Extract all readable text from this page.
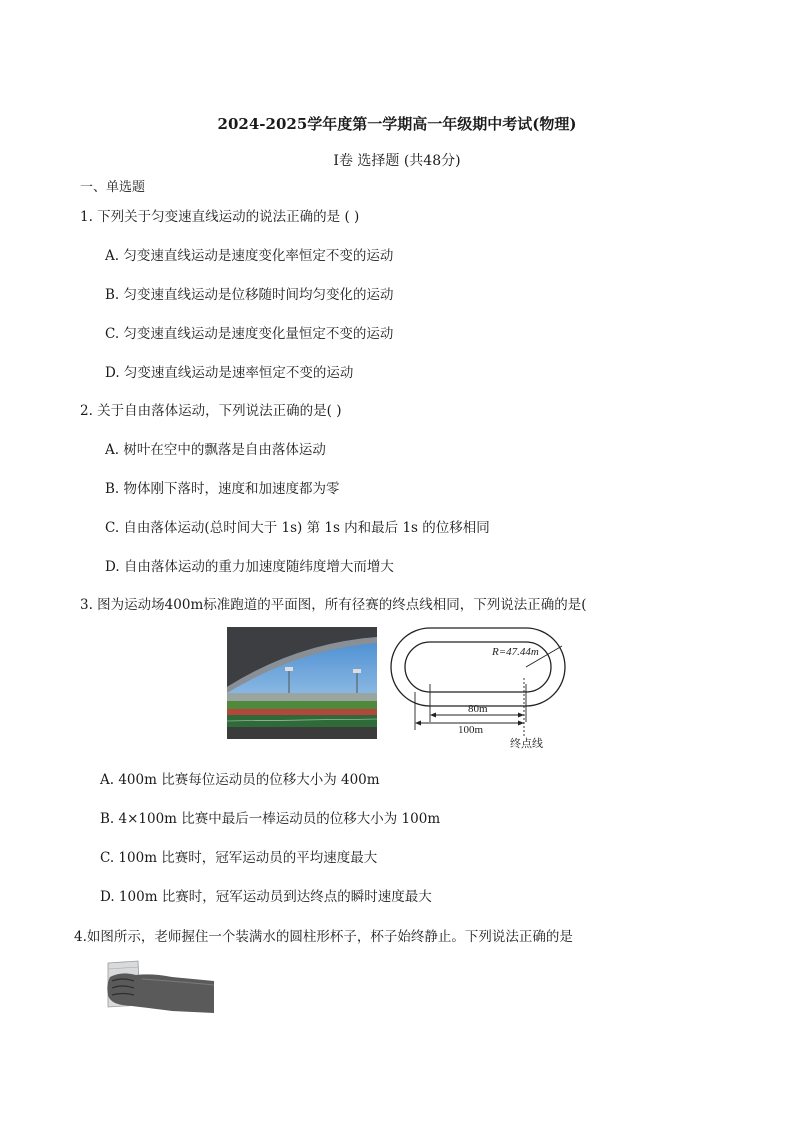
2024-2025学年度第一学期高一年级期中考试(物理)
Ⅰ卷 选择题 (共48分)
一、单选题
1. 下列关于匀变速直线运动的说法正确的是 ( )
A. 匀变速直线运动是速度变化率恒定不变的运动
B. 匀变速直线运动是位移随时间均匀变化的运动
C. 匀变速直线运动是速度变化量恒定不变的运动
D. 匀变速直线运动是速率恒定不变的运动
2. 关于自由落体运动，下列说法正确的是( )
A. 树叶在空中的飘落是自由落体运动
B. 物体刚下落时，速度和加速度都为零
C. 自由落体运动(总时间大于 1s) 第 1s 内和最后 1s 的位移相同
D. 自由落体运动的重力加速度随纬度增大而增大
3. 图为运动场400m标准跑道的平面图，所有径赛的终点线相同，下列说法正确的是(
R=47.44m
80m
100m
终点线
A. 400m 比赛每位运动员的位移大小为 400m
B. 4×100m 比赛中最后一棒运动员的位移大小为 100m
C. 100m 比赛时，冠军运动员的平均速度最大
D. 100m 比赛时，冠军运动员到达终点的瞬时速度最大
4.如图所示，老师握住一个装满水的圆柱形杯子，杯子始终静止。下列说法正确的是
